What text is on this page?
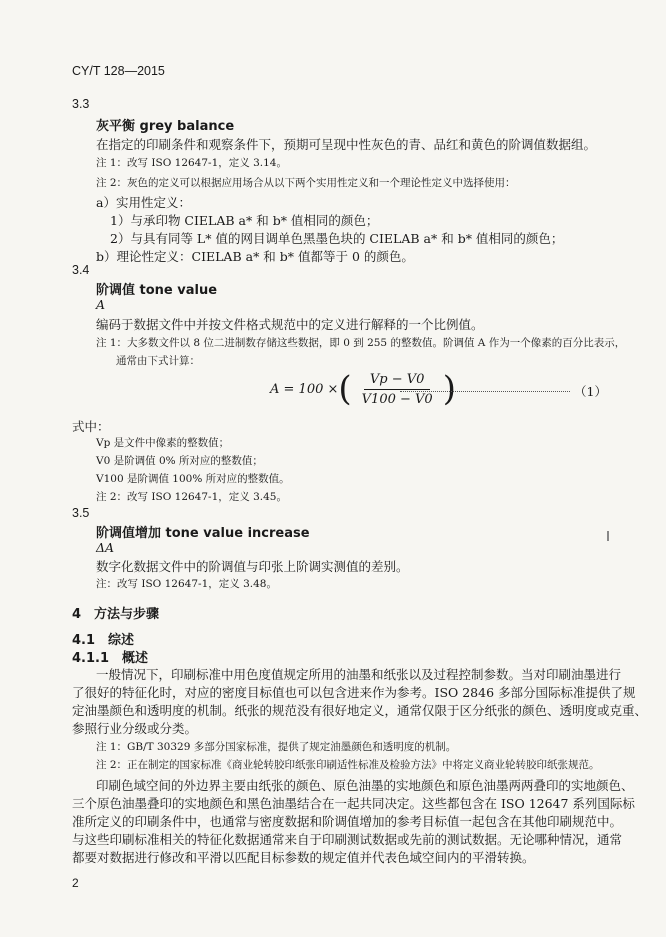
CY/T 128—2015
3.3
灰平衡 grey balance
在指定的印刷条件和观察条件下，预期可呈现中性灰色的青、品红和黄色的阶调值数据组。
注 1：改写 ISO 12647-1，定义 3.14。
注 2：灰色的定义可以根据应用场合从以下两个实用性定义和一个理论性定义中选择使用：
a）实用性定义：
1）与承印物 CIELAB a* 和 b* 值相同的颜色；
2）与具有同等 L* 值的网目调单色黑墨色块的 CIELAB a* 和 b* 值相同的颜色；
b）理论性定义：CIELAB a* 和 b* 值都等于 0 的颜色。
3.4
阶调值 tone value
A
编码于数据文件中并按文件格式规范中的定义进行解释的一个比例值。
注 1：大多数文件以 8 位二进制数存储这些数据，即 0 到 255 的整数值。阶调值 A 作为一个像素的百分比表示，
通常由下式计算：
A = 100 × ( $\frac{Vp - V0}{V100 - V0}$ )	（1）
式中：
Vp 是文件中像素的整数值；
V0 是阶调值 0% 所对应的整数值；
V100 是阶调值 100% 所对应的整数值。
注 2：改写 ISO 12647-1，定义 3.45。
3.5
阶调值增加 tone value increase
ΔA
数字化数据文件中的阶调值与印张上阶调实测值的差别。
注：改写 ISO 12647-1，定义 3.48。
4　方法与步骤
4.1　综述
4.1.1　概述
一般情况下，印刷标准中用色度值规定所用的油墨和纸张以及过程控制参数。当对印刷油墨进行
了很好的特征化时，对应的密度目标值也可以包含进来作为参考。ISO 2846 多部分国际标准提供了规
定油墨颜色和透明度的机制。纸张的规范没有很好地定义，通常仅限于区分纸张的颜色、透明度或克重、
参照行业分级或分类。
注 1：GB/T 30329 多部分国家标准，提供了规定油墨颜色和透明度的机制。
注 2：正在制定的国家标准《商业轮转胶印纸张印刷适性标准及检验方法》中将定义商业轮转胶印纸张规范。
印刷色域空间的外边界主要由纸张的颜色、原色油墨的实地颜色和原色油墨两两叠印的实地颜色、
三个原色油墨叠印的实地颜色和黑色油墨结合在一起共同决定。这些都包含在 ISO 12647 系列国际标
准所定义的印刷条件中，也通常与密度数据和阶调值增加的参考目标值一起包含在其他印刷规范中。
与这些印刷标准相关的特征化数据通常来自于印刷测试数据或先前的测试数据。无论哪种情况，通常
都要对数据进行修改和平滑以匹配目标参数的规定值并代表色域空间内的平滑转换。
2
